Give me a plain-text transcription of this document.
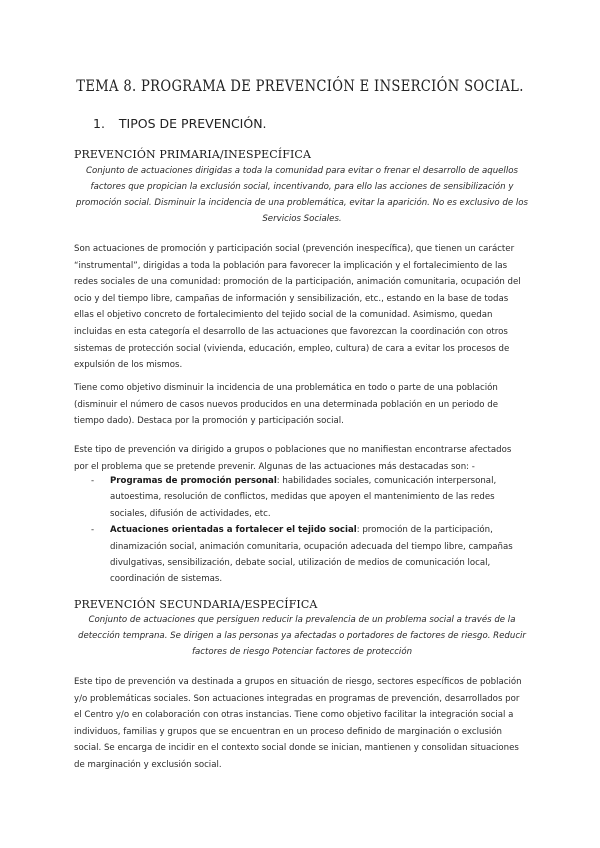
TEMA 8. PROGRAMA DE PREVENCIÓN E INSERCIÓN SOCIAL.
1. TIPOS DE PREVENCIÓN.
PREVENCIÓN PRIMARIA/INESPECÍFICA
Conjunto de actuaciones dirigidas a toda la comunidad para evitar o frenar el desarrollo de aquellos factores que propician la exclusión social, incentivando, para ello las acciones de sensibilización y promoción social. Disminuir la incidencia de una problemática, evitar la aparición. No es exclusivo de los Servicios Sociales.
Son actuaciones de promoción y participación social (prevención inespecífica), que tienen un carácter “instrumental”, dirigidas a toda la población para favorecer la implicación y el fortalecimiento de las redes sociales de una comunidad: promoción de la participación, animación comunitaria, ocupación del ocio y del tiempo libre, campañas de información y sensibilización, etc., estando en la base de todas ellas el objetivo concreto de fortalecimiento del tejido social de la comunidad. Asimismo, quedan incluidas en esta categoría el desarrollo de las actuaciones que favorezcan la coordinación con otros sistemas de protección social (vivienda, educación, empleo, cultura) de cara a evitar los procesos de expulsión de los mismos.
Tiene como objetivo disminuir la incidencia de una problemática en todo o parte de una población (disminuir el número de casos nuevos producidos en una determinada población en un periodo de tiempo dado). Destaca por la promoción y participación social.
Este tipo de prevención va dirigido a grupos o poblaciones que no manifiestan encontrarse afectados por el problema que se pretende prevenir. Algunas de las actuaciones más destacadas son: -
- Programas de promoción personal: habilidades sociales, comunicación interpersonal, autoestima, resolución de conflictos, medidas que apoyen el mantenimiento de las redes sociales, difusión de actividades, etc.
- Actuaciones orientadas a fortalecer el tejido social: promoción de la participación, dinamización social, animación comunitaria, ocupación adecuada del tiempo libre, campañas divulgativas, sensibilización, debate social, utilización de medios de comunicación local, coordinación de sistemas.
PREVENCIÓN SECUNDARIA/ESPECÍFICA
Conjunto de actuaciones que persiguen reducir la prevalencia de un problema social a través de la detección temprana. Se dirigen a las personas ya afectadas o portadores de factores de riesgo. Reducir factores de riesgo Potenciar factores de protección
Este tipo de prevención va destinada a grupos en situación de riesgo, sectores específicos de población y/o problemáticas sociales. Son actuaciones integradas en programas de prevención, desarrollados por el Centro y/o en colaboración con otras instancias. Tiene como objetivo facilitar la integración social a individuos, familias y grupos que se encuentran en un proceso definido de marginación o exclusión social. Se encarga de incidir en el contexto social donde se inician, mantienen y consolidan situaciones de marginación y exclusión social.
